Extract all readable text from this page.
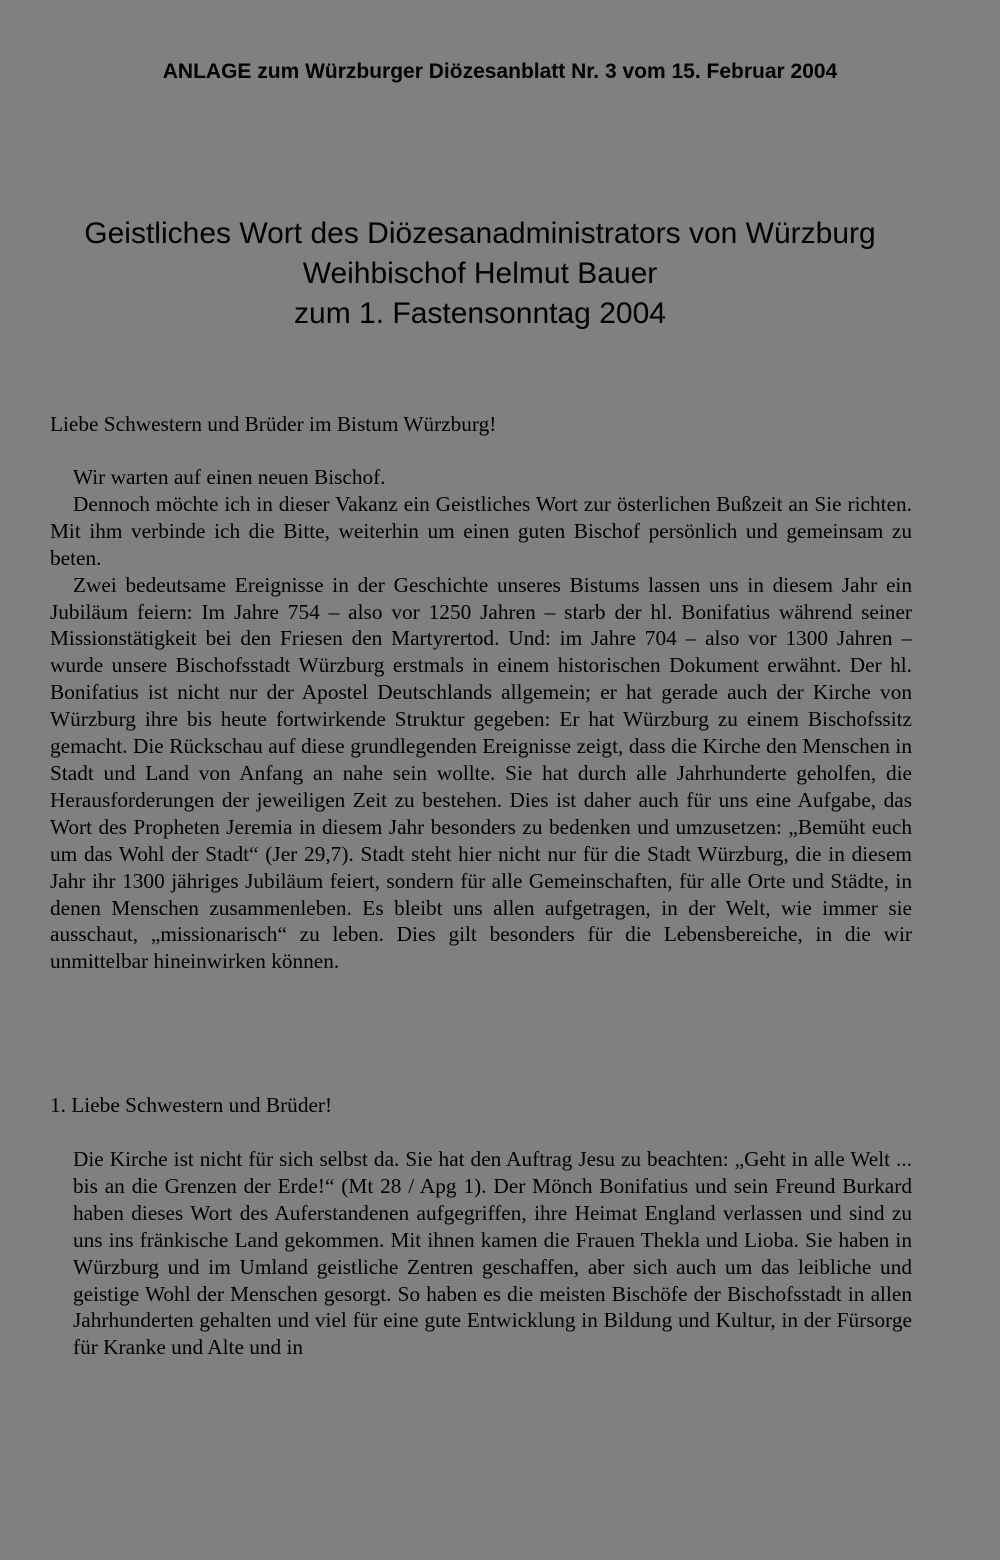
ANLAGE zum Würzburger Diözesanblatt Nr. 3 vom 15. Februar 2004
Geistliches Wort des Diözesanadministrators von Würzburg
Weihbischof Helmut Bauer
zum 1. Fastensonntag 2004
Liebe Schwestern und Brüder im Bistum Würzburg!

Wir warten auf einen neuen Bischof.

Dennoch möchte ich in dieser Vakanz ein Geistliches Wort zur österlichen Bußzeit an Sie richten. Mit ihm verbinde ich die Bitte, weiterhin um einen guten Bischof persönlich und gemeinsam zu beten.

Zwei bedeutsame Ereignisse in der Geschichte unseres Bistums lassen uns in diesem Jahr ein Jubiläum feiern: Im Jahre 754 – also vor 1250 Jahren – starb der hl. Bonifatius während seiner Missionstätigkeit bei den Friesen den Martyrertod. Und: im Jahre 704 – also vor 1300 Jahren – wurde unsere Bischofsstadt Würzburg erstmals in einem historischen Dokument erwähnt. Der hl. Bonifatius ist nicht nur der Apostel Deutschlands allgemein; er hat gerade auch der Kirche von Würzburg ihre bis heute fortwirkende Struktur gegeben: Er hat Würzburg zu einem Bischofssitz gemacht. Die Rückschau auf diese grundlegenden Ereignisse zeigt, dass die Kirche den Menschen in Stadt und Land von Anfang an nahe sein wollte. Sie hat durch alle Jahrhunderte geholfen, die Herausforderungen der jeweiligen Zeit zu bestehen. Dies ist daher auch für uns eine Aufgabe, das Wort des Propheten Jeremia in diesem Jahr besonders zu bedenken und umzusetzen: „Bemüht euch um das Wohl der Stadt“ (Jer 29,7). Stadt steht hier nicht nur für die Stadt Würzburg, die in diesem Jahr ihr 1300 jähriges Jubiläum feiert, sondern für alle Gemeinschaften, für alle Orte und Städte, in denen Menschen zusammenleben. Es bleibt uns allen aufgetragen, in der Welt, wie immer sie ausschaut, „missionarisch“ zu leben. Dies gilt besonders für die Lebensbereiche, in die wir unmittelbar hineinwirken können.

1. Liebe Schwestern und Brüder!

Die Kirche ist nicht für sich selbst da. Sie hat den Auftrag Jesu zu beachten: „Geht in alle Welt ... bis an die Grenzen der Erde!“ (Mt 28 / Apg 1). Der Mönch Bonifatius und sein Freund Burkard haben dieses Wort des Auferstandenen aufgegriffen, ihre Heimat England verlassen und sind zu uns ins fränkische Land gekommen. Mit ihnen kamen die Frauen Thekla und Lioba. Sie haben in Würzburg und im Umland geistliche Zentren geschaffen, aber sich auch um das leibliche und geistige Wohl der Menschen gesorgt. So haben es die meisten Bischöfe der Bischofsstadt in allen Jahrhunderten gehalten und viel für eine gute Entwicklung in Bildung und Kultur, in der Fürsorge für Kranke und Alte und in
